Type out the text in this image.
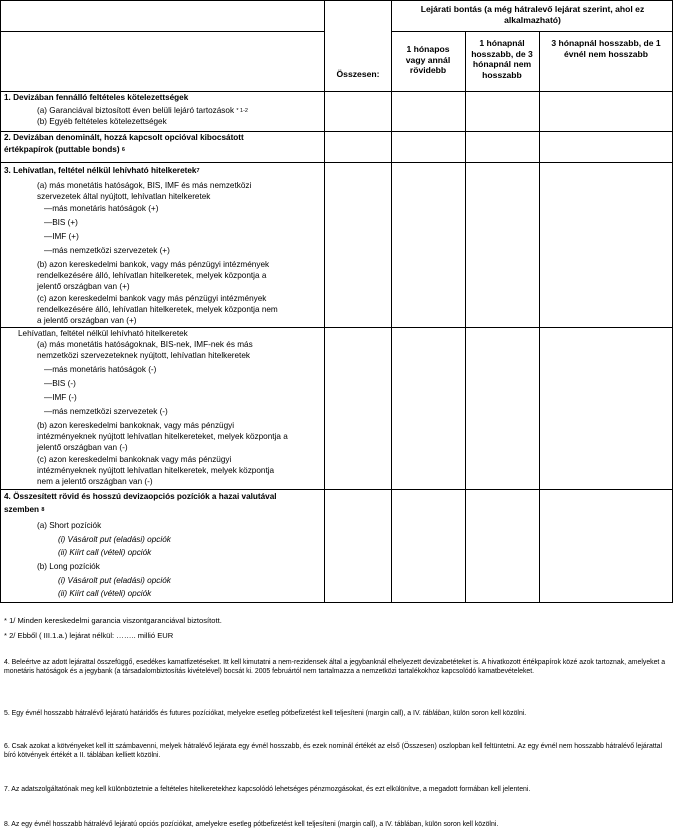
Lejárati bontás (a még hátralevő lejárat szerint, ahol ez alkalmazható)
Összesen:
1 hónapos vagy annál rövidebb
1 hónapnál hosszabb, de 3 hónapnál nem hosszabb
3 hónapnál hosszabb, de 1 évnél nem hosszabb
1. Devizában fennálló feltételes kötelezettségek
(a) Garanciával biztosított éven belüli lejáró tartozások $^{* 1-2}$
(b) Egyéb feltételes kötelezettségek
2. Devizában denominált, hozzá kapcsolt opcióval kibocsátott
értékpapírok (puttable bonds) $^6$
3. Lehívatlan, feltétel nélkül lehívható hitelkeretek$^7$
(a) más monetátis hatóságok, BIS, IMF és más nemzetközi
szervezetek által nyújtott, lehívatlan hitelkeretek
—más monetáris hatóságok (+)
—BIS (+)
—IMF (+)
—más nemzetközi szervezetek (+)
(b) azon kereskedelmi bankok, vagy más pénzügyi intézmények
rendelkezésére álló, lehívatlan hitelkeretek, melyek központja a
jelentő országban van (+)
(c) azon kereskedelmi bankok vagy más pénzügyi intézmények
rendelkezésére álló, lehívatlan hitelkeretek, melyek központja nem
a jelentő országban van (+)
Lehívatlan, feltétel nélkül lehívható hitelkeretek
(a) más monetátis hatóságoknak, BIS-nek, IMF-nek és más
nemzetközi szervezeteknek nyújtott, lehívatlan hitelkeretek
—más monetáris hatóságok (-)
—BIS (-)
—IMF (-)
—más nemzetközi szervezetek (-)
(b) azon kereskedelmi bankoknak, vagy más pénzügyi
intézményeknek nyújtott lehívatlan hitelkereteket, melyek központja a
jelentő országban van (-)
(c) azon kereskedelmi bankoknak vagy más pénzügyi
intézményeknek nyújtott lehívatlan hitelkeretek, melyek központja
nem a jelentő országban van (-)
4. Összesített rövid és hosszú devizaopciós pozíciók a hazai valutával
szemben $^8$
(a) Short pozíciók
(i) Vásárolt put (eladási) opciók
(ii) Kiírt call (vételi) opciók
(b) Long pozíciók
(i) Vásárolt put (eladási) opciók
(ii) Kiírt call (vételi) opciók
* 1/ Minden kereskedelmi garancia viszontgaranciával biztosított.
* 2/ Ebből ( III.1.a.) lejárat nélkül: …….. millió EUR
4. Beleértve az adott lejárattal összefüggő, esedékes kamatfizetéseket. Itt kell kimutatni a nem-rezidensek által a jegybanknál elhelyezett devizabetéteket is. A hivatkozott értékpapírok közé azok tartoznak, amelyeket a monetáris hatóságok és a jegybank (a társadalombiztosítás kivételével) bocsát ki. 2005 februártól nem tartalmazza a nemzetközi tartalékokhoz kapcsolódó kamatbevételeket.
5. Egy évnél hosszabb hátralévő lejáratú határidős és futures pozíciókat, melyekre esetleg pótbefizetést kell teljesíteni (margin call), a IV. táblában, külön soron kell közölni.
6. Csak azokat a kötvényeket kell itt számbavenni, melyek hátralévő lejárata egy évnél hosszabb, és ezek nominál értékét az első (Összesen) oszlopban kell feltüntetni. Az egy évnél nem hosszabb hátralévő lejárattal bíró kötvények értékét a II. táblában kelliett közölni.
7. Az adatszolgáltatónak meg kell különböztetnie a feltételes hitelkeretekhez kapcsolódó lehetséges pénzmozgásokat, és ezt elkülönítve, a megadott formában kell jelenteni.
8. Az egy évnél hosszabb hátralévő lejáratú opciós pozíciókat, amelyekre esetleg pótbefizetést kell teljesíteni (margin call), a IV. táblában, külön soron kell közölni.
